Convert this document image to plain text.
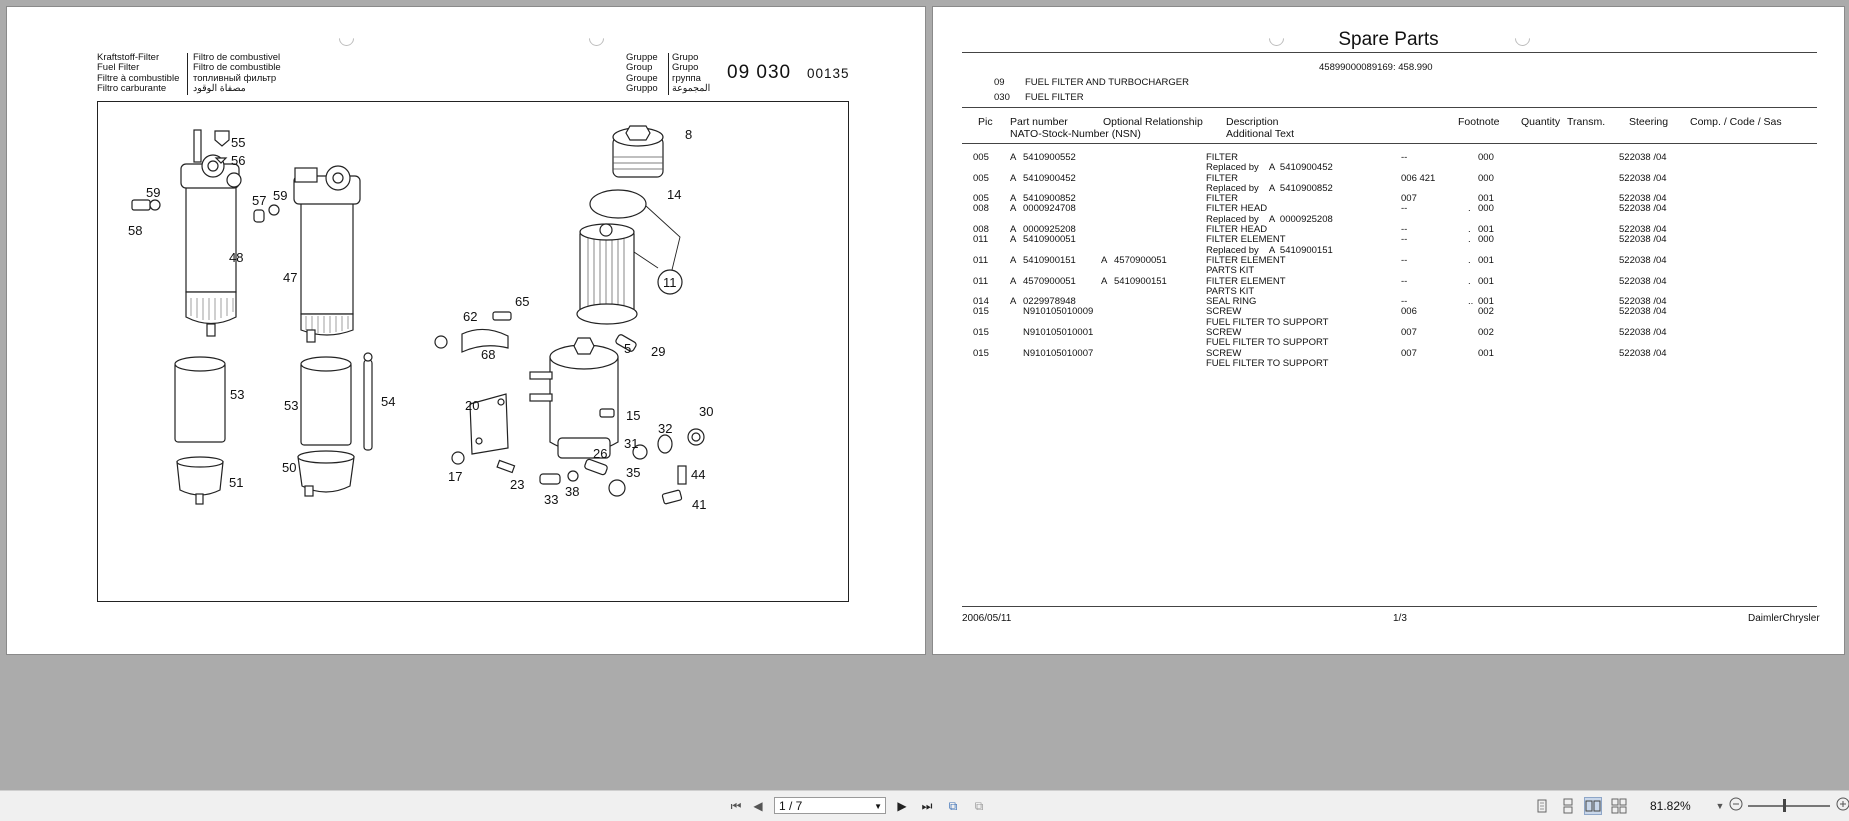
Kraftstoff-Filter
Fuel Filter
Filtre à combustible
Filtro carburante
Filtro de combustivel
Filtro de combustible
топливный фильтр
مصفاة الوقود
Gruppe
Group
Groupe
Gruppo
Grupo
Grupo
группа
المجموعة
09 030 00135
55
56
59
57 59
58
48
47
53
53	54
51
50
8
14
11
65
62
68	5 29
20
15	30
32
31
26
17
23
35	44
33
38
41
Spare Parts
45899000089169: 458.990
09 FUEL FILTER AND TURBOCHARGER
030 FUEL FILTER
Pic Part number
NATO-Stock-Number (NSN)
Optional Relationship Description
Additional Text
Footnote Quantity Transm. Steering Comp. / Code / Sas
005	A	5410900552			FILTER	--		000	522038 /04
					Replaced by    A  5410900452				
005	A	5410900452			FILTER	006 421		000	522038 /04
					Replaced by    A  5410900852				
005	A	5410900852			FILTER	007		001	522038 /04
008	A	0000924708			FILTER HEAD	--	.	000	522038 /04
					Replaced by    A  0000925208				
008	A	0000925208			FILTER HEAD	--	.	001	522038 /04
011	A	5410900051			FILTER ELEMENT	--	.	000	522038 /04
					Replaced by    A  5410900151				
011	A	5410900151	A	4570900051	FILTER ELEMENT	--	.	001	522038 /04
					PARTS KIT				
011	A	4570900051	A	5410900151	FILTER ELEMENT	--	.	001	522038 /04
					PARTS KIT				
014	A	0229978948			SEAL RING	--	..	001	522038 /04
015		N910105010009			SCREW	006		002	522038 /04
					FUEL FILTER TO SUPPORT				
015		N910105010001			SCREW	007		002	522038 /04
					FUEL FILTER TO SUPPORT				
015		N910105010007			SCREW	007		001	522038 /04
					FUEL FILTER TO SUPPORT				
2006/05/11	1/3	DaimlerChrysler
⏮ ◀	1 / 7	▼	▶	⏭	⧉	⧉	81.82%	▼
